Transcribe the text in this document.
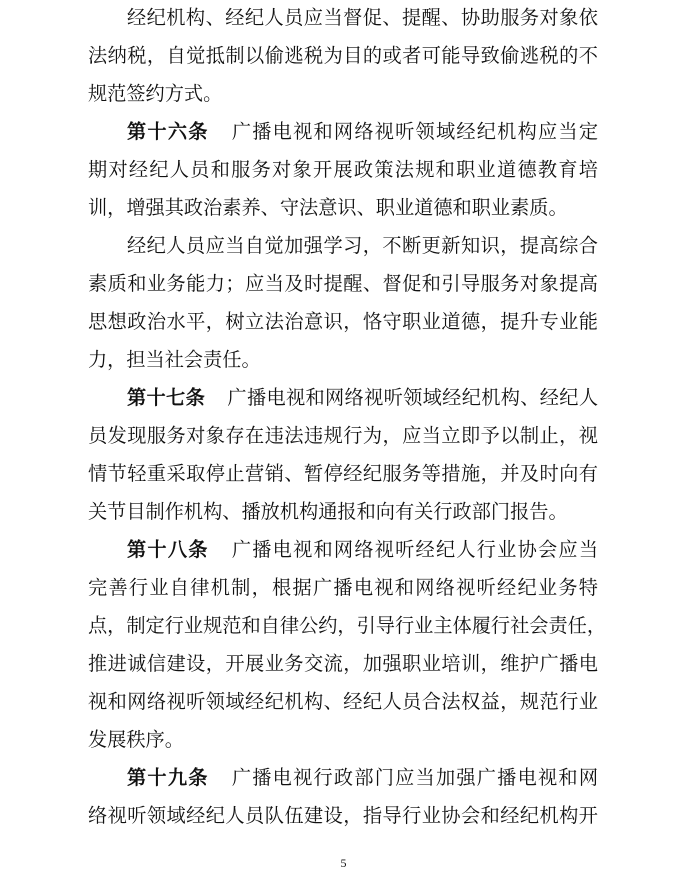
经纪机构、经纪人员应当督促、提醒、协助服务对象依
法纳税，自觉抵制以偷逃税为目的或者可能导致偷逃税的不
规范签约方式。
第十六条 广播电视和网络视听领域经纪机构应当定
期对经纪人员和服务对象开展政策法规和职业道德教育培
训，增强其政治素养、守法意识、职业道德和职业素质。
经纪人员应当自觉加强学习，不断更新知识，提高综合
素质和业务能力；应当及时提醒、督促和引导服务对象提高
思想政治水平，树立法治意识，恪守职业道德，提升专业能
力，担当社会责任。
第十七条 广播电视和网络视听领域经纪机构、经纪人
员发现服务对象存在违法违规行为，应当立即予以制止，视
情节轻重采取停止营销、暂停经纪服务等措施，并及时向有
关节目制作机构、播放机构通报和向有关行政部门报告。
第十八条 广播电视和网络视听经纪人行业协会应当
完善行业自律机制，根据广播电视和网络视听经纪业务特
点，制定行业规范和自律公约，引导行业主体履行社会责任，
推进诚信建设，开展业务交流，加强职业培训，维护广播电
视和网络视听领域经纪机构、经纪人员合法权益，规范行业
发展秩序。
第十九条 广播电视行政部门应当加强广播电视和网
络视听领域经纪人员队伍建设，指导行业协会和经纪机构开
5
